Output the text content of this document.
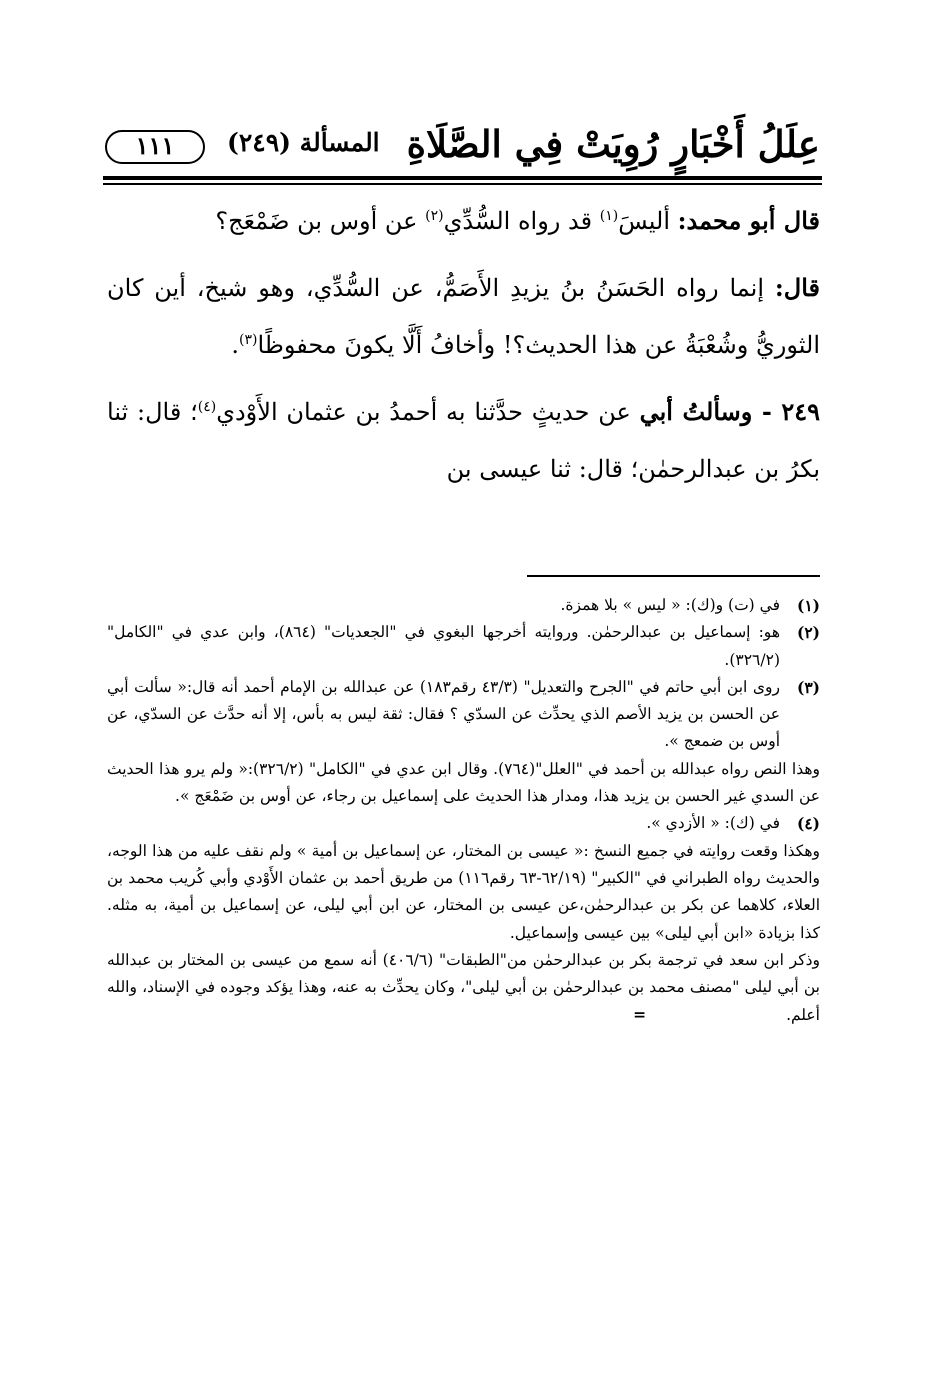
عِلَلُ أَخْبَارٍ رُوِيَتْ فِي الصَّلَاةِ
المسألة (٢٤٩)
١١١

قال أبو محمد: أليسَ$^{(١)}$ قد رواه السُّدِّي$^{(٢)}$ عن أوس بن ضَمْعَج؟

قال: إنما رواه الحَسَنُ بنُ يزيدِ الأَصَمُّ، عن السُّدِّي، وهو شيخ، أين كان الثوريُّ وشُعْبَةُ عن هذا الحديث؟! وأخافُ أَلَّا يكونَ محفوظًا$^{(٣)}$.

٢٤٩ - وسألتُ أبي عن حديثٍ حدَّثنا به أحمدُ بن عثمان الأَوْدي$^{(٤)}$؛ قال: ثنا بكرُ بن عبدالرحمٰن؛ قال: ثنا عيسى بن

(١)
في (ت) و(ك): « ليس » بلا همزة.
(٢)
هو: إسماعيل بن عبدالرحمٰن. وروايته أخرجها البغوي في "الجعديات" (٨٦٤)، وابن عدي في "الكامل" (٣٢٦/٢).
(٣)
روى ابن أبي حاتم في "الجرح والتعديل" (٤٣/٣ رقم١٨٣) عن عبدالله بن الإمام أحمد أنه قال:« سألت أبي عن الحسن بن يزيد الأصم الذي يحدِّث عن السدّي ؟ فقال: ثقة ليس به بأس، إلا أنه حدَّث عن السدّي، عن أوس بن ضمعج ».
وهذا النص رواه عبدالله بن أحمد في "العلل"(٧٦٤). وقال ابن عدي في "الكامل" (٣٢٦/٢):« ولم يرو هذا الحديث عن السدي غير الحسن بن يزيد هذا، ومدار هذا الحديث على إسماعيل بن رجاء، عن أوس بن ضَمْعَج ».
(٤)
في (ك): « الأزدي ».
وهكذا وقعت روايته في جميع النسخ :« عيسى بن المختار، عن إسماعيل بن أمية » ولم نقف عليه من هذا الوجه، والحديث رواه الطبراني في "الكبير" (٦٢/١٩-٦٣ رقم١١٦) من طريق أحمد بن عثمان الأَوْدي وأبي كُريب محمد بن العلاء، كلاهما عن بكر بن عبدالرحمٰن،عن عيسى بن المختار، عن ابن أبي ليلى، عن إسماعيل بن أمية، به مثله. كذا بزيادة «ابن أبي ليلى» بين عيسى وإسماعيل.
وذكر ابن سعد في ترجمة بكر بن عبدالرحمٰن من"الطبقات" (٤٠٦/٦) أنه سمع من عيسى بن المختار بن عبدالله بن أبي ليلى "مصنف محمد بن عبدالرحمٰن بن أبي ليلى"، وكان يحدِّث به عنه، وهذا يؤكد وجوده في الإسناد، والله أعلم.=
